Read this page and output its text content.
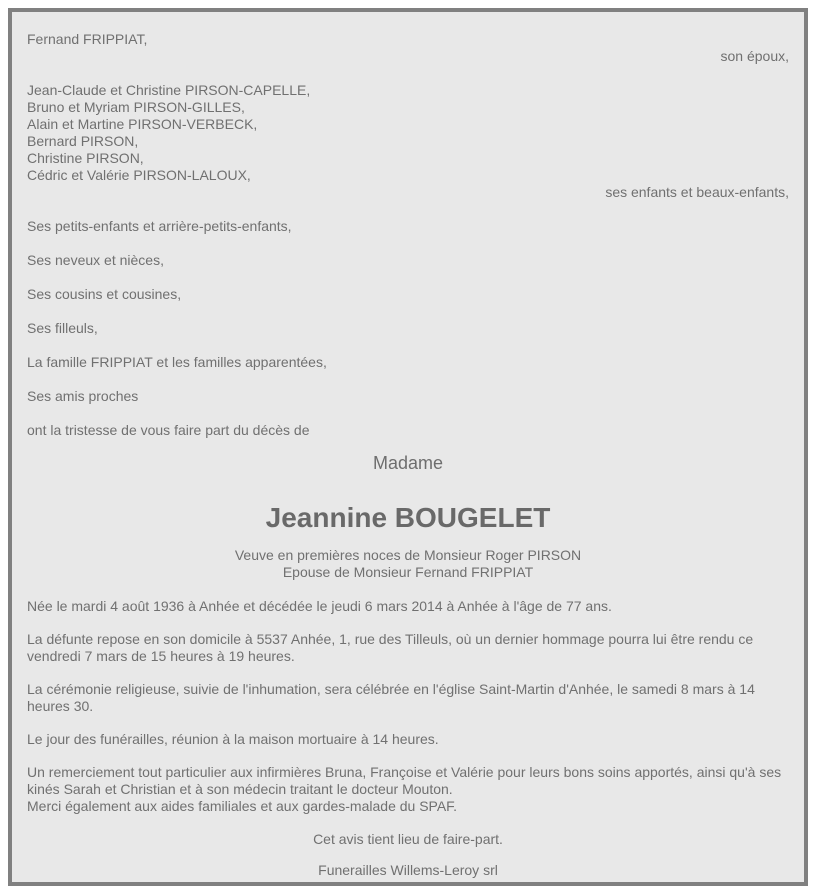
Fernand FRIPPIAT,
son époux,
Jean-Claude et Christine PIRSON-CAPELLE,
Bruno et Myriam PIRSON-GILLES,
Alain et Martine PIRSON-VERBECK,
Bernard PIRSON,
Christine PIRSON,
Cédric et Valérie PIRSON-LALOUX,
ses enfants et beaux-enfants,

Ses petits-enfants et arrière-petits-enfants,

Ses neveux et nièces,

Ses cousins et cousines,

Ses filleuls,

La famille FRIPPIAT et les familles apparentées,

Ses amis proches

ont la tristesse de vous faire part du décès de

Madame
Jeannine BOUGELET
Veuve en premières noces de Monsieur Roger PIRSON
Epouse de Monsieur Fernand FRIPPIAT

Née le mardi 4 août 1936 à Anhée et décédée le jeudi 6 mars 2014 à Anhée à l'âge de 77 ans.

La défunte repose en son domicile à 5537 Anhée, 1, rue des Tilleuls, où un dernier hommage pourra lui être rendu ce vendredi 7 mars de 15 heures à 19 heures.

La cérémonie religieuse, suivie de l'inhumation, sera célébrée en l'église Saint-Martin d'Anhée, le samedi 8 mars à 14 heures 30.

Le jour des funérailles, réunion à la maison mortuaire à 14 heures.

Un remerciement tout particulier aux infirmières Bruna, Françoise et Valérie pour leurs bons soins apportés, ainsi qu'à ses kinés Sarah et Christian et à son médecin traitant le docteur Mouton.
Merci également aux aides familiales et aux gardes-malade du SPAF.

Cet avis tient lieu de faire-part.

Funerailles Willems-Leroy srl
